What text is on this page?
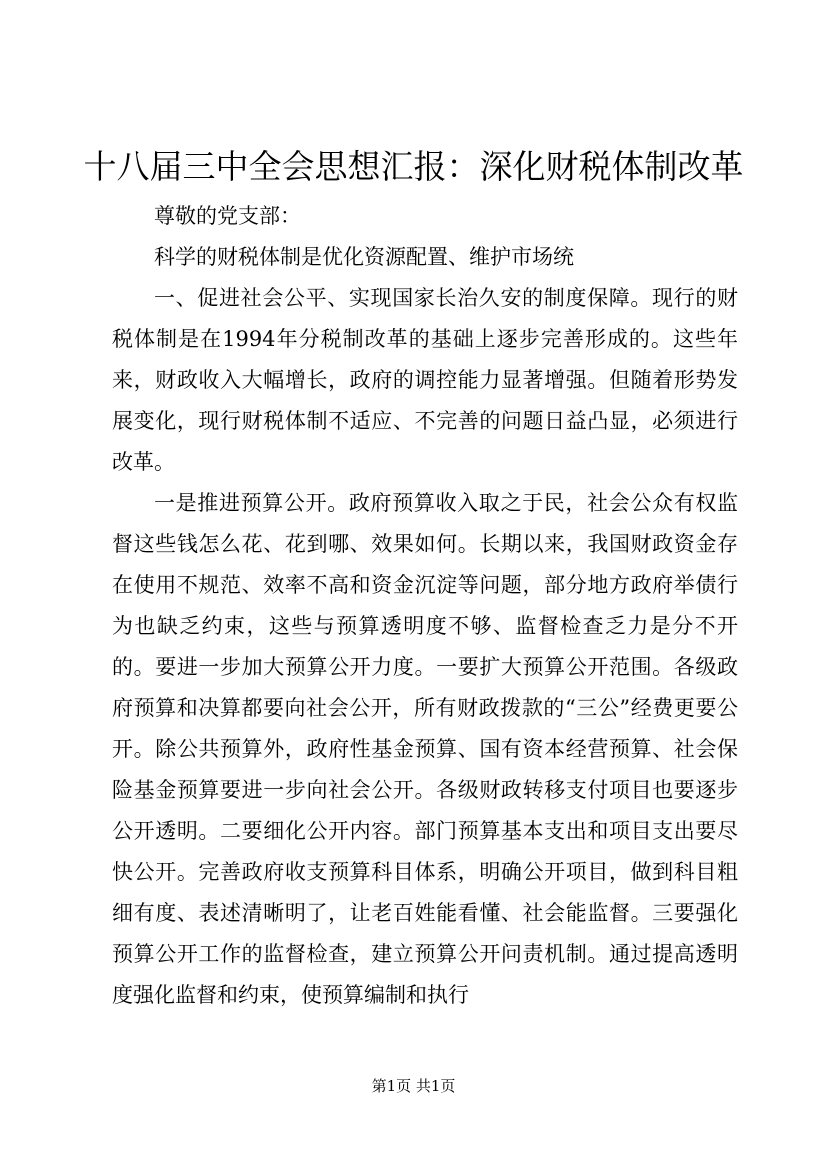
十八届三中全会思想汇报：深化财税体制改革

尊敬的党支部：

科学的财税体制是优化资源配置、维护市场统

一、促进社会公平、实现国家长治久安的制度保障。现行的财税体制是在1994年分税制改革的基础上逐步完善形成的。这些年来，财政收入大幅增长，政府的调控能力显著增强。但随着形势发展变化，现行财税体制不适应、不完善的问题日益凸显，必须进行改革。

一是推进预算公开。政府预算收入取之于民，社会公众有权监督这些钱怎么花、花到哪、效果如何。长期以来，我国财政资金存在使用不规范、效率不高和资金沉淀等问题，部分地方政府举债行为也缺乏约束，这些与预算透明度不够、监督检查乏力是分不开的。要进一步加大预算公开力度。一要扩大预算公开范围。各级政府预算和决算都要向社会公开，所有财政拨款的“三公”经费更要公开。除公共预算外，政府性基金预算、国有资本经营预算、社会保险基金预算要进一步向社会公开。各级财政转移支付项目也要逐步公开透明。二要细化公开内容。部门预算基本支出和项目支出要尽快公开。完善政府收支预算科目体系，明确公开项目，做到科目粗细有度、表述清晰明了，让老百姓能看懂、社会能监督。三要强化预算公开工作的监督检查，建立预算公开问责机制。通过提高透明度强化监督和约束，使预算编制和执行

第1页 共1页
